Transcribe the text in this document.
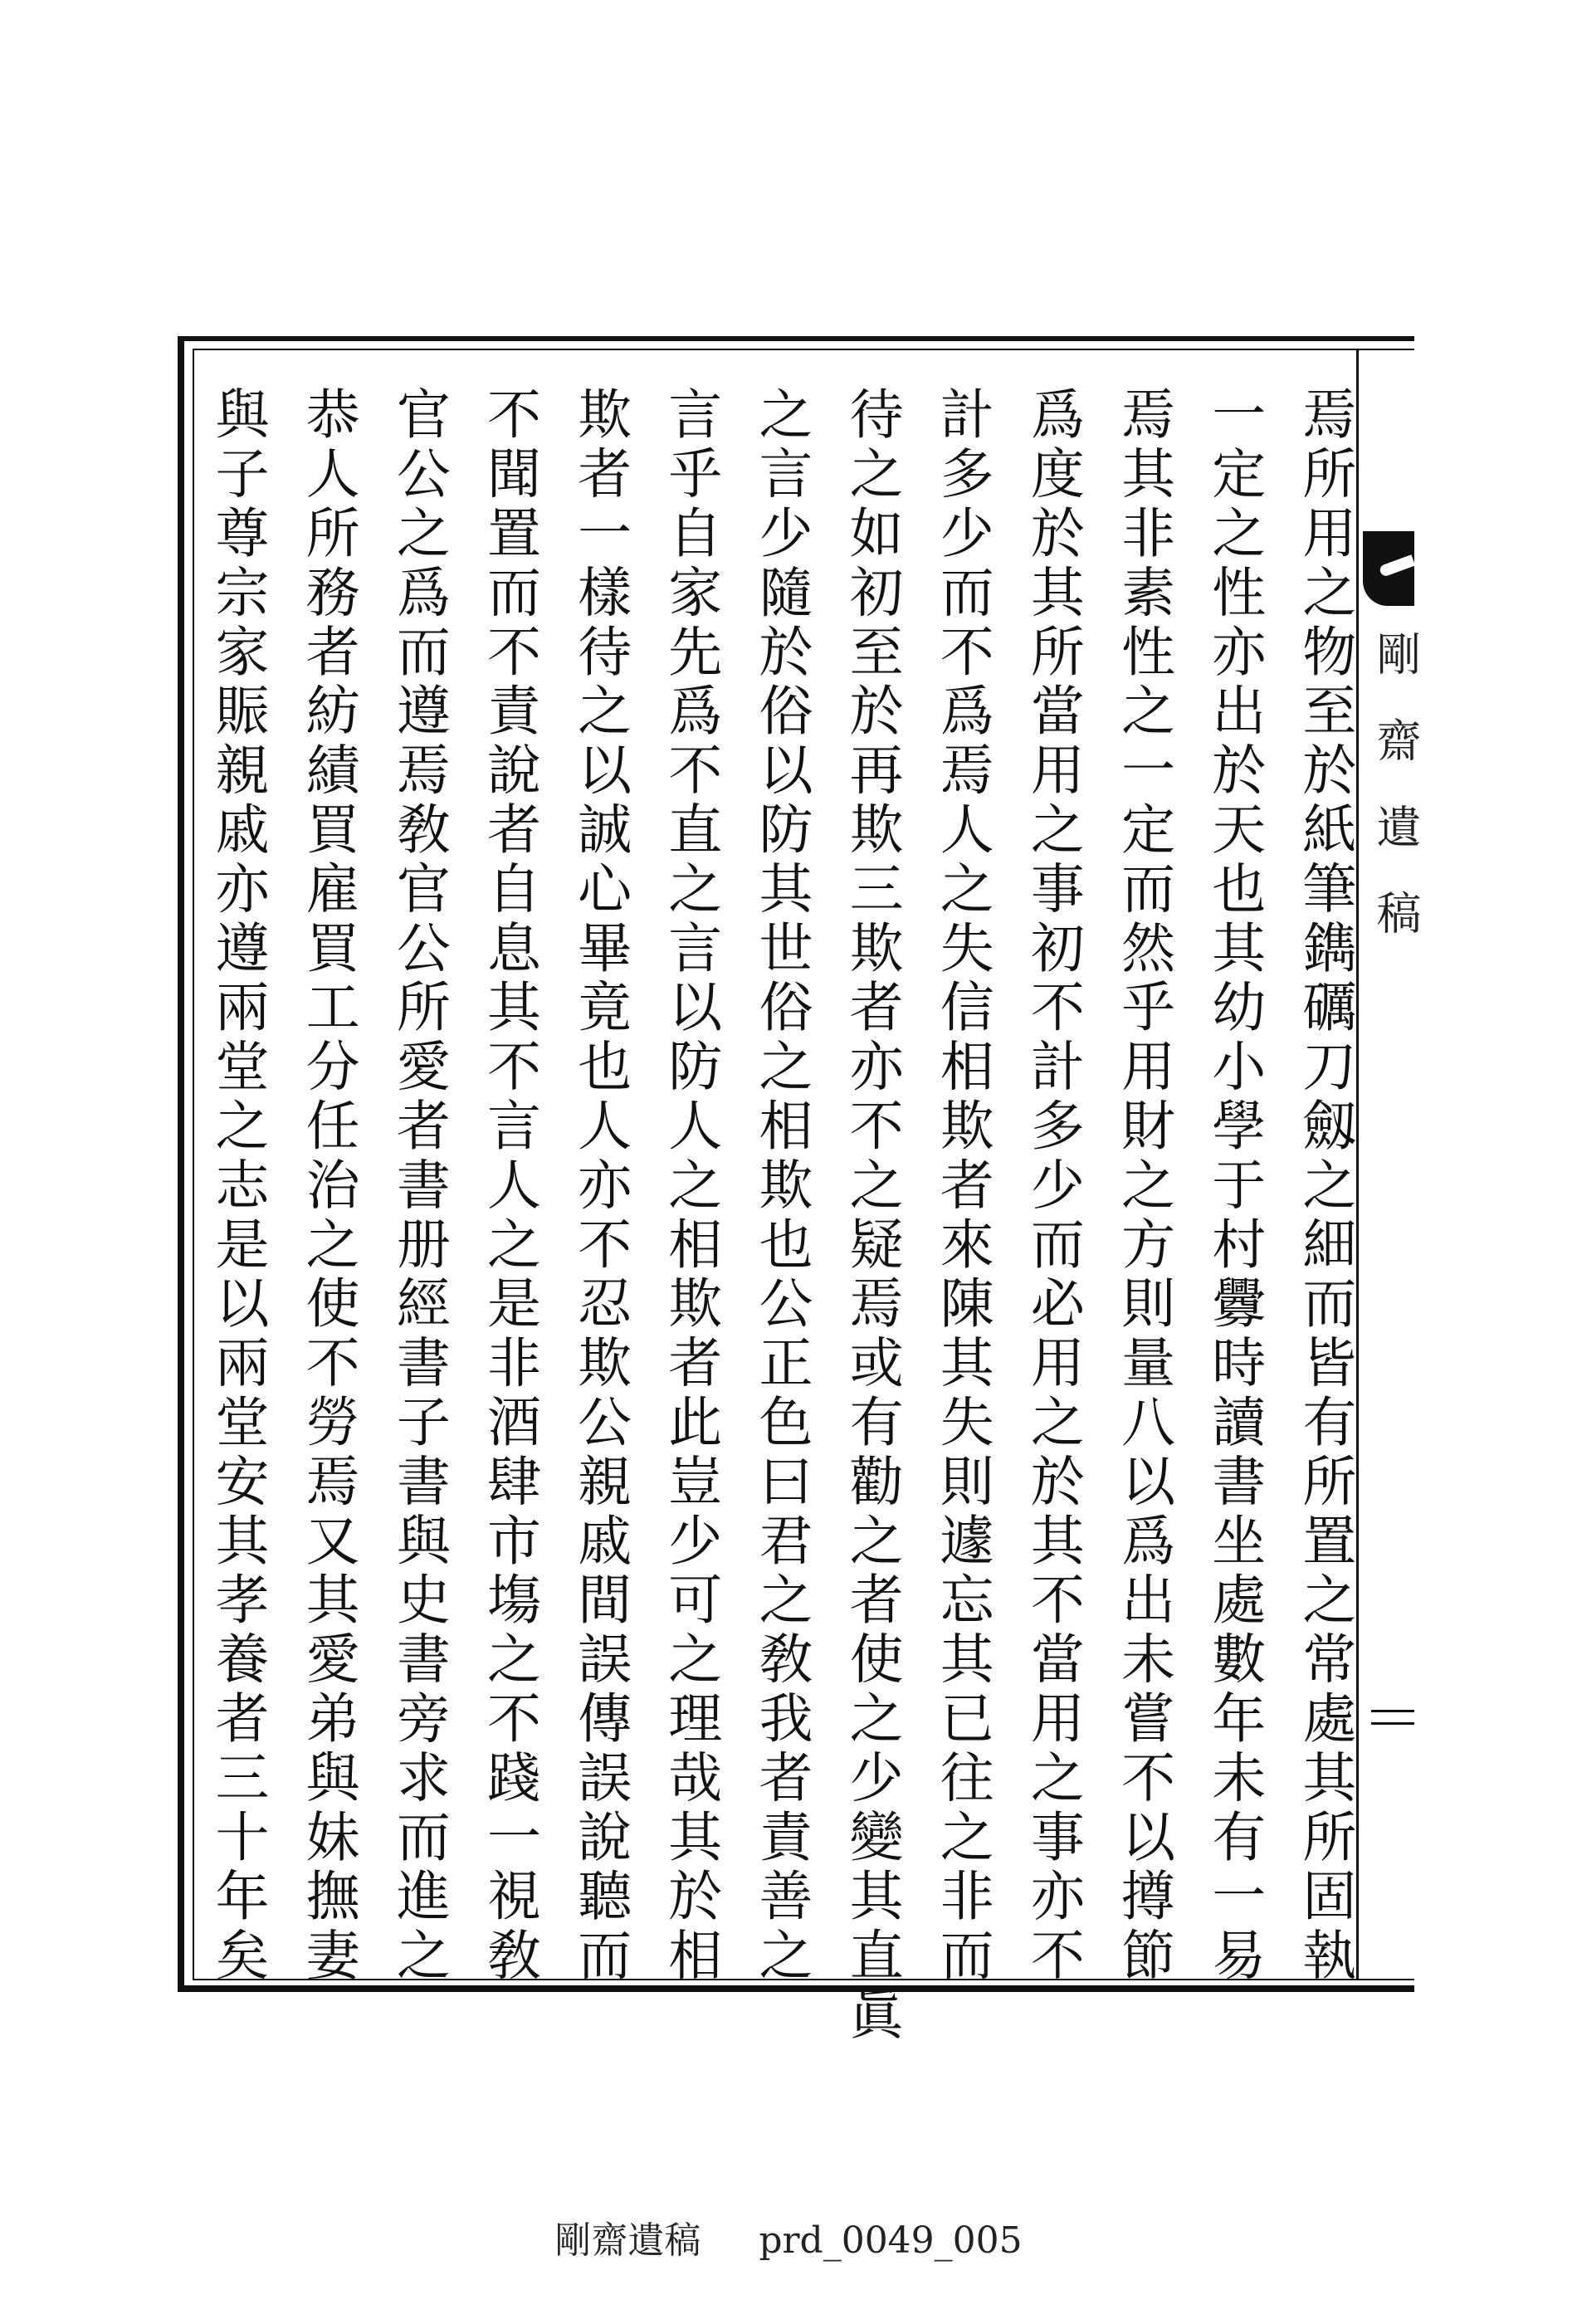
剛齋遺稿
焉所用之物至於紙筆鐫礪刀劔之細而皆有所置之常處其所固執
一定之性亦出於天也其幼小學于村釁時讀書坐處數年未有一易
焉其非素性之一定而然乎用財之方則量八以爲出未嘗不以撙節
爲度於其所當用之事初不計多少而必用之於其不當用之事亦不
計多少而不爲焉人之失信相欺者來陳其失則遽忘其已往之非而
待之如初至於再欺三欺者亦不之疑焉或有勸之者使之少變其直眞
之言少隨於俗以防其世俗之相欺也公正色曰君之敎我者責善之
言乎自家先爲不直之言以防人之相欺者此豈少可之理哉其於相
欺者一樣待之以誠心畢竟也人亦不忍欺公親戚間誤傳誤說聽而
不聞置而不責說者自息其不言人之是非酒肆市塲之不踐一視敎
官公之爲而遵焉敎官公所愛者書册經書子書與史書旁求而進之
恭人所務者紡績買雇買工分任治之使不勞焉又其愛弟與妹撫妻
與子尊宗家賑親戚亦遵兩堂之志是以兩堂安其孝養者三十年矣
剛齋遺稿 prd_0049_005
